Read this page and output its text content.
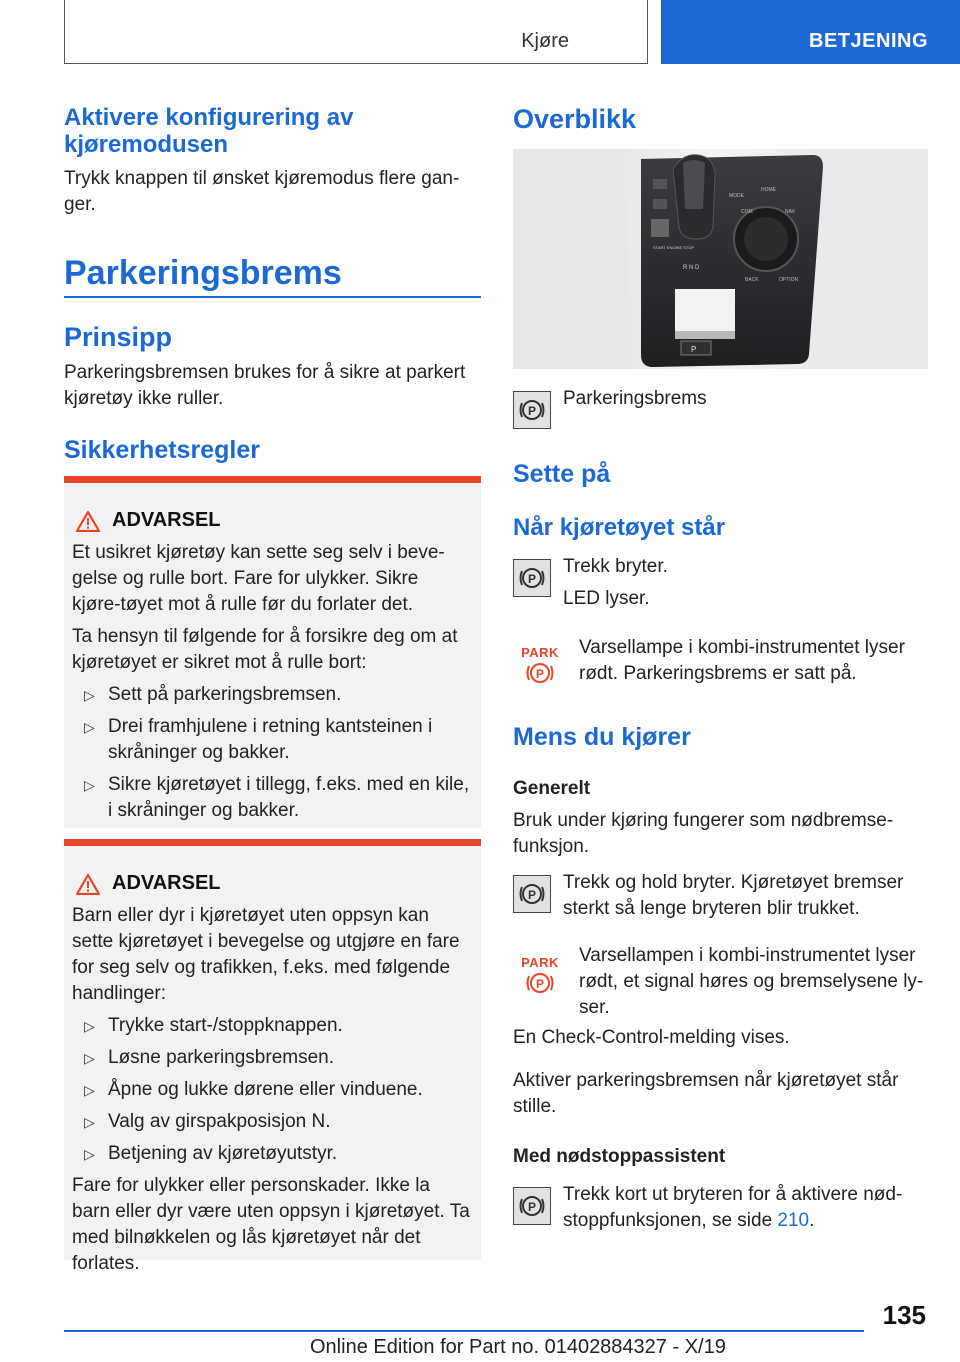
Kjøre	BETJENING
Aktivere konfigurering av kjøremodusen
Trykk knappen til ønsket kjøremodus flere gan-ger.
Parkeringsbrems
Prinsipp
Parkeringsbremsen brukes for å sikre at parkert kjøretøy ikke ruller.
Sikkerhetsregler
ADVARSEL
Et usikret kjøretøy kan sette seg selv i beve-gelse og rulle bort. Fare for ulykker. Sikre kjøre-tøyet mot å rulle før du forlater det.
Ta hensyn til følgende for å forsikre deg om at kjøretøyet er sikret mot å rulle bort:
▷ Sett på parkeringsbremsen.
▷ Drei framhjulene i retning kantsteinen i skråninger og bakker.
▷ Sikre kjøretøyet i tillegg, f.eks. med en kile, i skråninger og bakker.
ADVARSEL
Barn eller dyr i kjøretøyet uten oppsyn kan sette kjøretøyet i bevegelse og utgjøre en fare for seg selv og trafikken, f.eks. med følgende handlinger:
▷ Trykke start-/stoppknappen.
▷ Løsne parkeringsbremsen.
▷ Åpne og lukke dørene eller vinduene.
▷ Valg av girspakposisjon N.
▷ Betjening av kjøretøyutstyr.
Fare for ulykker eller personskader. Ikke la barn eller dyr være uten oppsyn i kjøretøyet. Ta med bilnøkkelen og lås kjøretøyet når det forlates.
Overblikk
MODE
HOME
COM	NAV
BACK	OPTION
R N D
START ENGINE STOP
P
P
Parkeringsbrems
Sette på
Når kjøretøyet står
P
Trekk bryter.
LED lyser.
PARK
P
Varsellampe i kombi-instrumentet lyser rødt. Parkeringsbrems er satt på.
Mens du kjører
Generelt
Bruk under kjøring fungerer som nødbremse-funksjon.
P
Trekk og hold bryter. Kjøretøyet bremser sterkt så lenge bryteren blir trukket.
PARK
P
Varsellampen i kombi-instrumentet lyser rødt, et signal høres og bremselysene ly-ser.
En Check-Control-melding vises.
Aktiver parkeringsbremsen når kjøretøyet står stille.
Med nødstoppassistent
P
Trekk kort ut bryteren for å aktivere nød-stoppfunksjonen, se side 210.
135
Online Edition for Part no. 01402884327 - X/19
